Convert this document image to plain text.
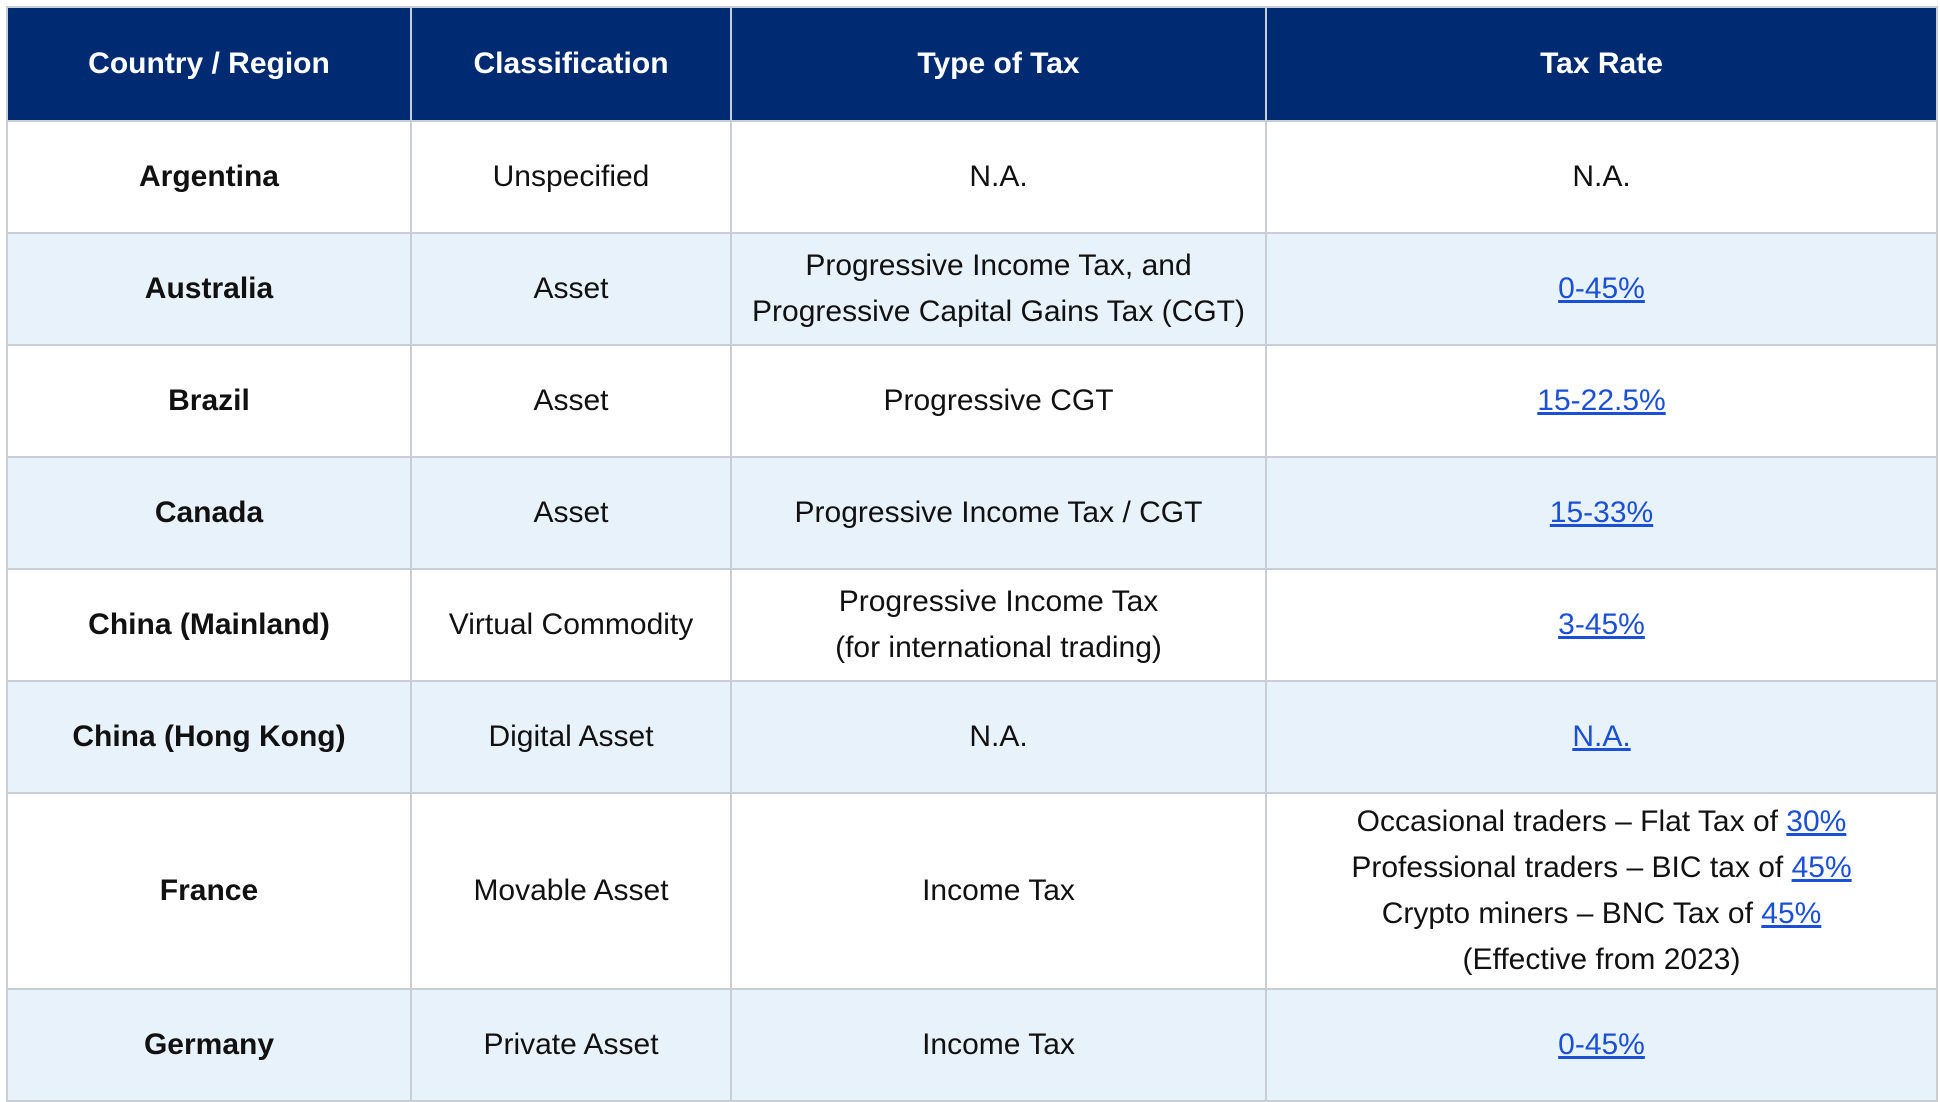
Country / Region	Classification	Type of Tax	Tax Rate
Argentina	Unspecified	N.A.	N.A.
Australia	Asset	Progressive Income Tax, and
Progressive Capital Gains Tax (CGT)	0-45%
Brazil	Asset	Progressive CGT	15-22.5%
Canada	Asset	Progressive Income Tax / CGT	15-33%
China (Mainland)	Virtual Commodity	Progressive Income Tax
(for international trading)	3-45%
China (Hong Kong)	Digital Asset	N.A.	N.A.
France	Movable Asset	Income Tax	Occasional traders – Flat Tax of 30%
Professional traders – BIC tax of 45%
Crypto miners – BNC Tax of 45%
(Effective from 2023)

Germany	Private Asset	Income Tax	0-45%
